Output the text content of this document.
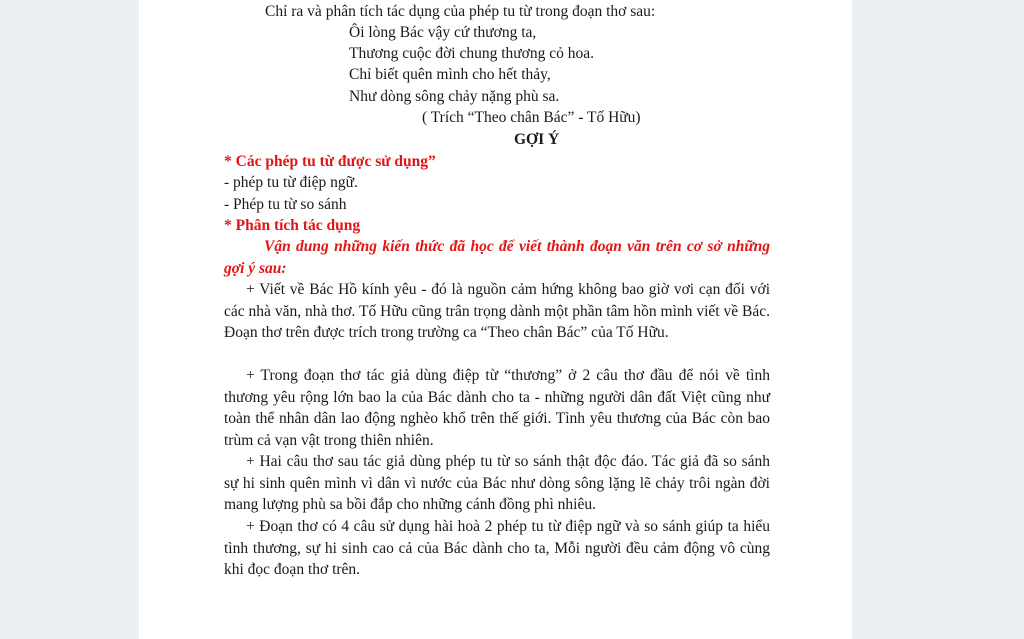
Chỉ ra và phân tích tác dụng của phép tu từ trong đoạn thơ sau:
Ôi lòng Bác vậy cứ thương ta,
Thương cuộc đời chung thương cỏ hoa.
Chỉ biết quên mình cho hết thảy,
Như dòng sông chảy nặng phù sa.
( Trích “Theo chân Bác” - Tố Hữu)
GỢI Ý
* Các phép tu từ được sử dụng”
- phép tu từ điệp ngữ.
- Phép tu từ so sánh
* Phân tích tác dụng
Vận dung những kiến thức đã học để viết thành đoạn văn trên cơ sở những gợi ý sau:
+ Viết về Bác Hồ kính yêu - đó là nguồn cảm hứng không bao giờ vơi cạn đối với các nhà văn, nhà thơ. Tố Hữu cũng trân trọng dành một phần tâm hồn mình viết về Bác. Đoạn thơ trên được trích trong trường ca “Theo chân Bác” của Tố Hữu.
+ Trong đoạn thơ tác giả dùng điệp từ “thương” ở 2 câu thơ đầu để nói về tình thương yêu rộng lớn bao la của Bác dành cho ta - những người dân đất Việt cũng như toàn thể nhân dân lao động nghèo khổ trên thế giới. Tình yêu thương của Bác còn bao trùm cả vạn vật trong thiên nhiên.
+ Hai câu thơ sau tác giả dùng phép tu từ so sánh thật độc đáo. Tác giả đã so sánh sự hi sinh quên mình vì dân vì nước của Bác như dòng sông lặng lẽ chảy trôi ngàn đời mang lượng phù sa bồi đắp cho những cánh đồng phì nhiêu.
+ Đoạn thơ có 4 câu sử dụng hài hoà 2 phép tu từ điệp ngữ và so sánh giúp ta hiểu tình thương, sự hi sinh cao cả của Bác dành cho ta, Mỗi người đều cảm động vô cùng khi đọc đoạn thơ trên.
